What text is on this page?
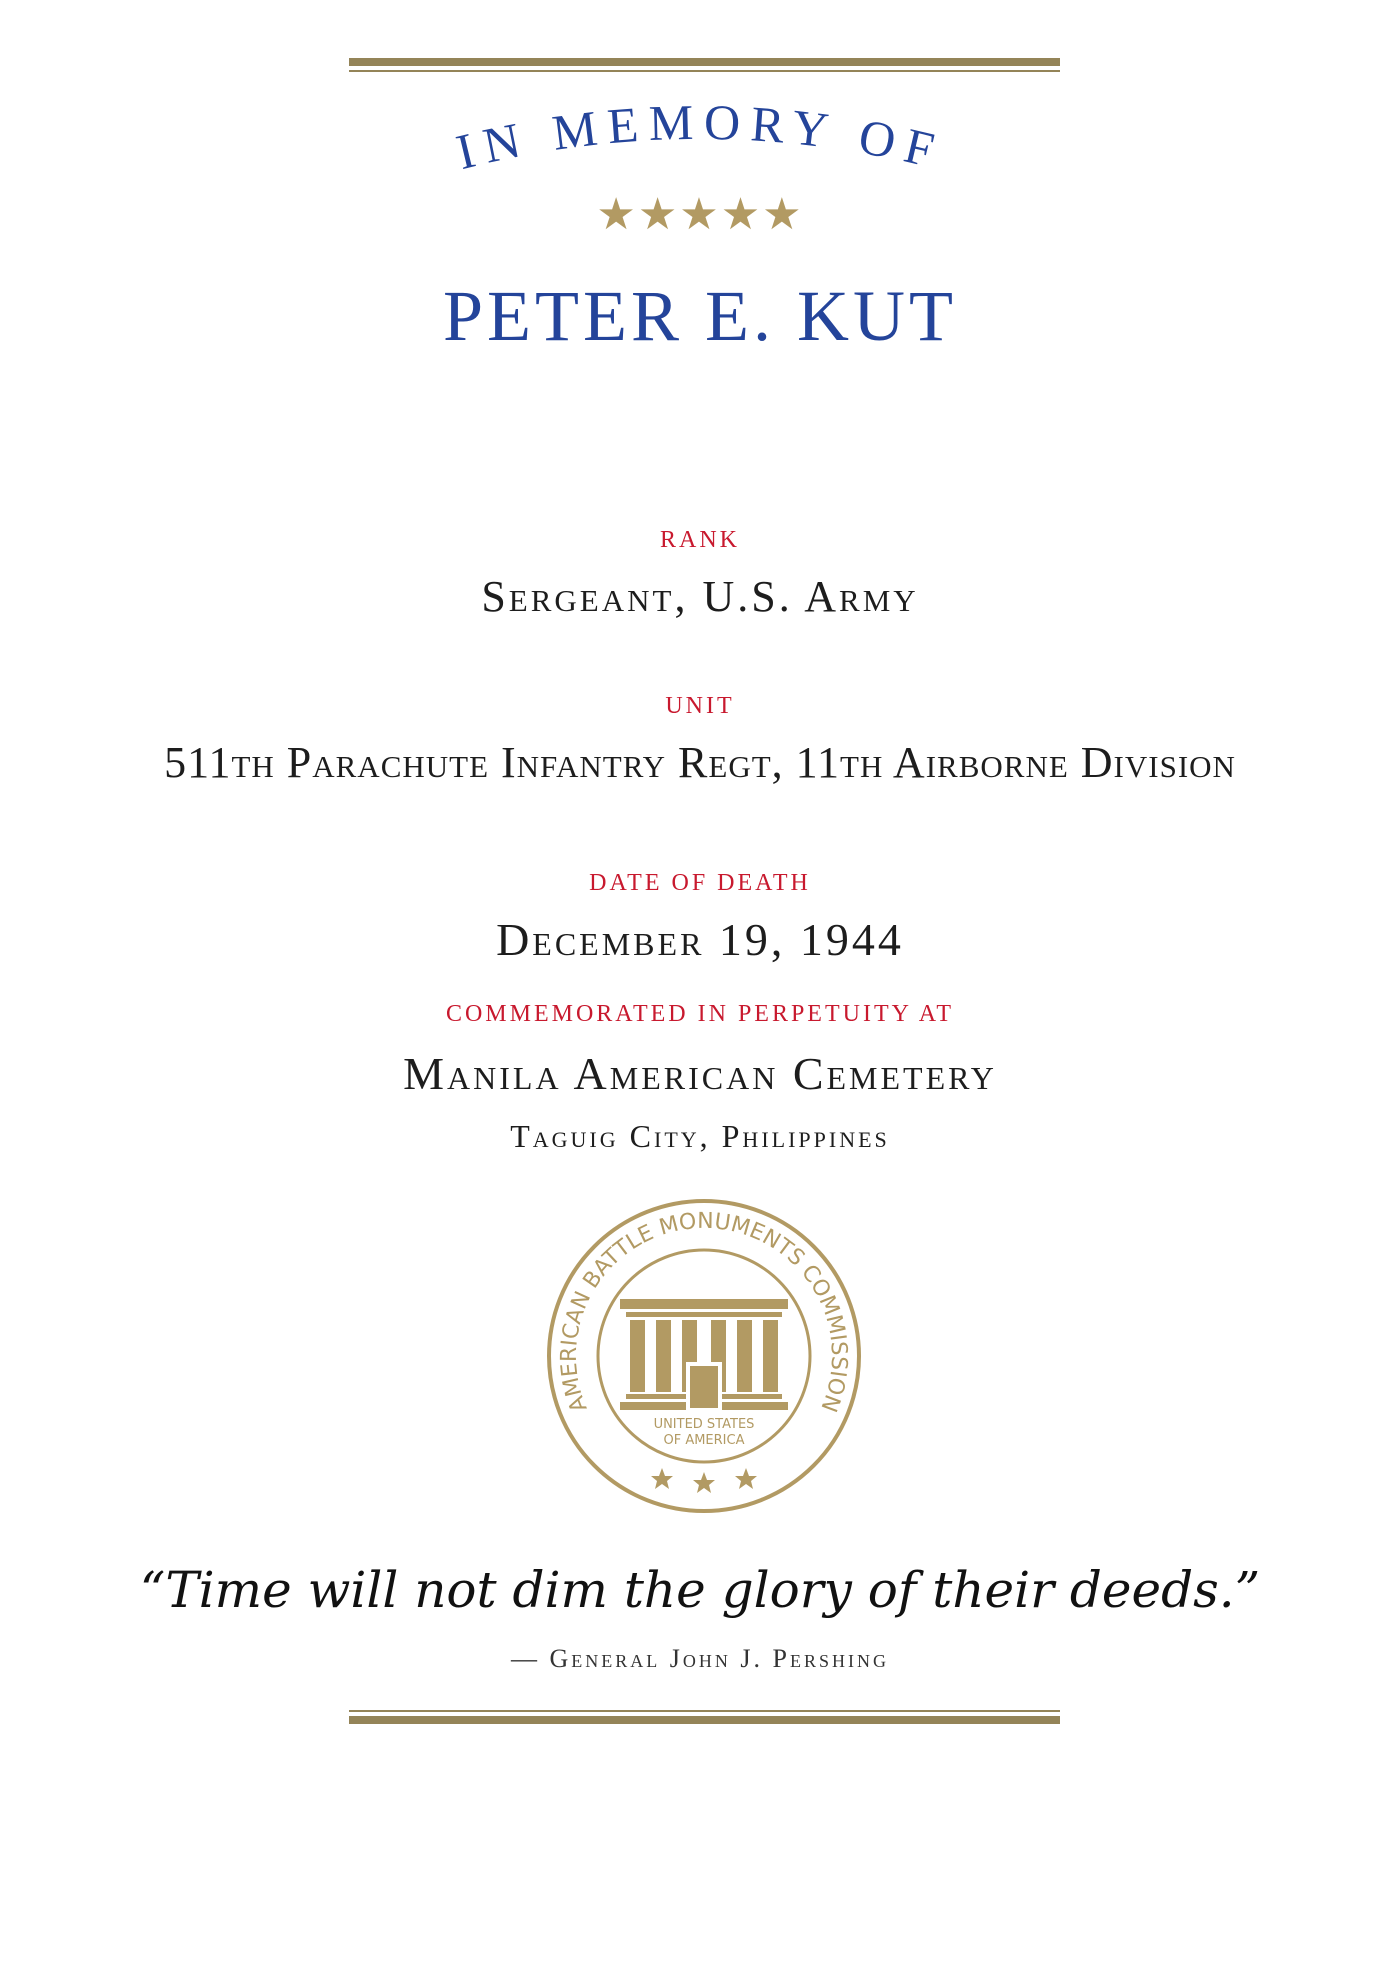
IN MEMORY OF
★★★★★
PETER E. KUT
RANK
Sergeant, U.S. Army
UNIT
511th Parachute Infantry Regt, 11th Airborne Division
DATE OF DEATH
December 19, 1944
COMMEMORATED IN PERPETUITY AT
Manila American Cemetery
Taguig City, Philippines
AMERICAN BATTLE MONUMENTS COMMISSION
UNITED STATES
OF AMERICA
“Time will not dim the glory of their deeds.”
— General John J. Pershing
